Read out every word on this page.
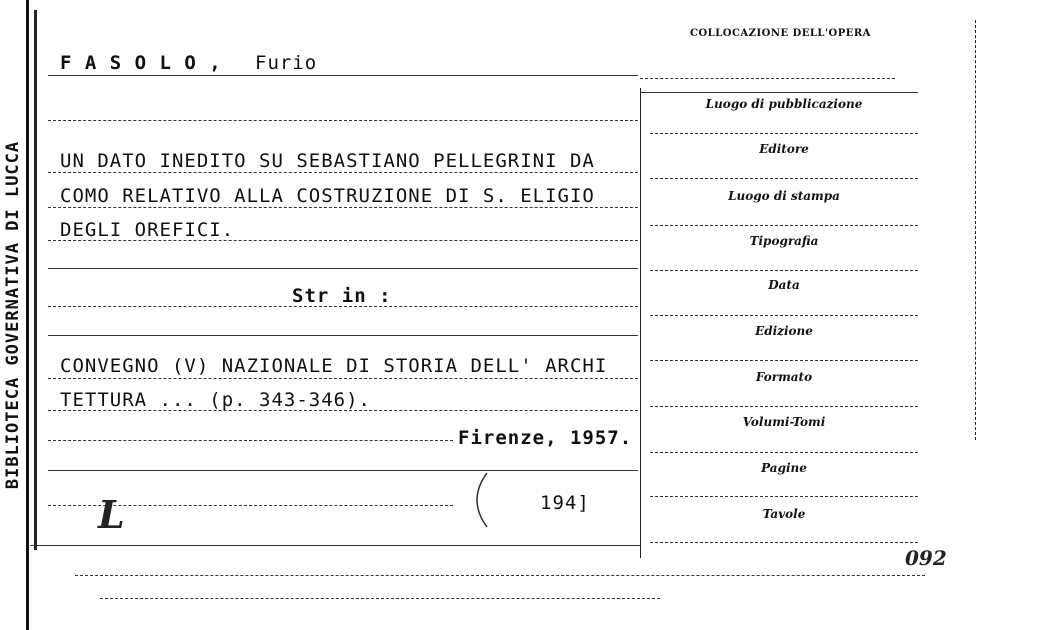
BIBLIOTECA GOVERNATIVA DI LUCCA
F A S O L O , Furio
UN DATO INEDITO SU SEBASTIANO PELLEGRINI DA
COMO RELATIVO ALLA COSTRUZIONE DI S. ELIGIO
DEGLI OREFICI.
Str in :
CONVEGNO (V) NAZIONALE DI STORIA DELL' ARCHI
TETTURA ... (p. 343-346).
Firenze, 1957.
194]
L
COLLOCAZIONE DELL'OPERA
Luogo di pubblicazione
Editore
Luogo di stampa
Tipografia
Data
Edizione
Formato
Volumi-Tomi
Pagine
Tavole
092
